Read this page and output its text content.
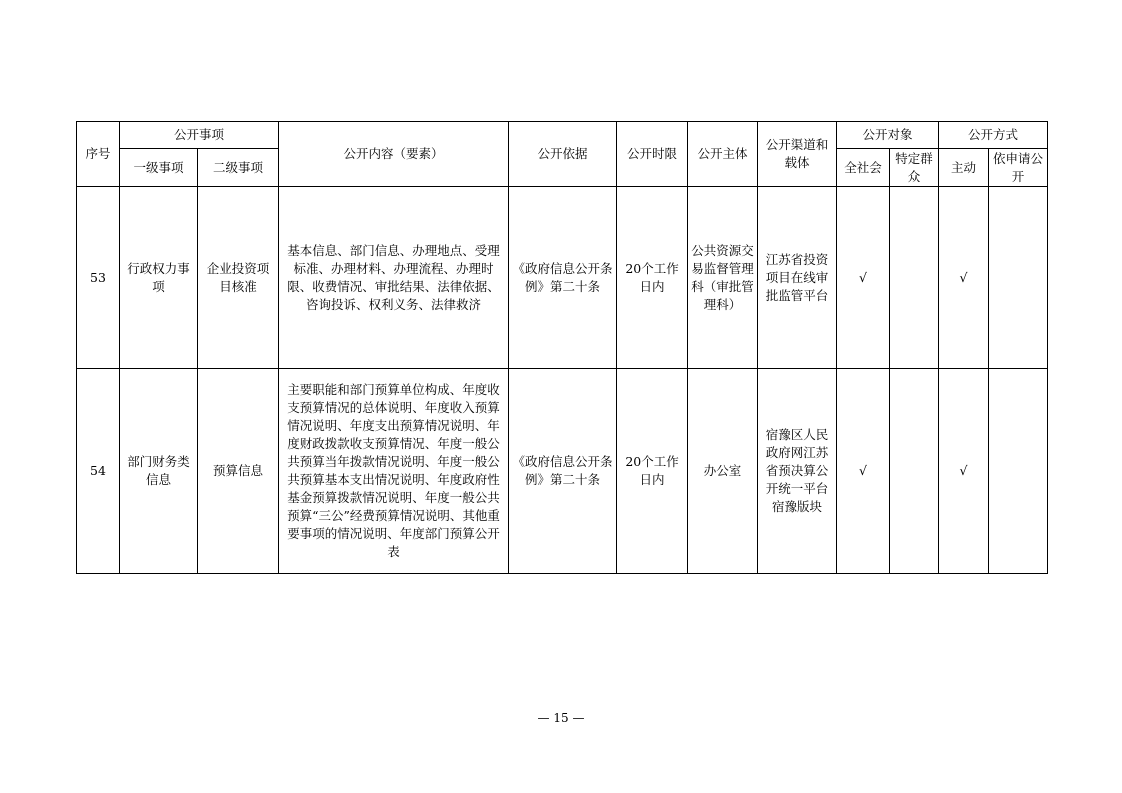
序号	公开事项		公开内容（要素）	公开依据	公开时限	公开主体	公开渠道和载体	公开对象		公开方式	
	一级事项	二级事项						全社会	特定群众	主动	依申请公开
53	行政权力事项	企业投资项目核准	基本信息、部门信息、办理地点、受理标准、办理材料、办理流程、办理时限、收费情况、审批结果、法律依据、咨询投诉、权利义务、法律救济	《政府信息公开条例》第二十条	20个工作日内	公共资源交易监督管理科（审批管理科）	江苏省投资项目在线审批监管平台	√		√	
54	部门财务类信息	预算信息	主要职能和部门预算单位构成、年度收支预算情况的总体说明、年度收入预算情况说明、年度支出预算情况说明、年度财政拨款收支预算情况、年度一般公共预算当年拨款情况说明、年度一般公共预算基本支出情况说明、年度政府性基金预算拨款情况说明、年度一般公共预算“三公”经费预算情况说明、其他重要事项的情况说明、年度部门预算公开表	《政府信息公开条例》第二十条	20个工作日内	办公室	宿豫区人民政府网江苏省预决算公开统一平台宿豫版块	√		√	
— 15 —
